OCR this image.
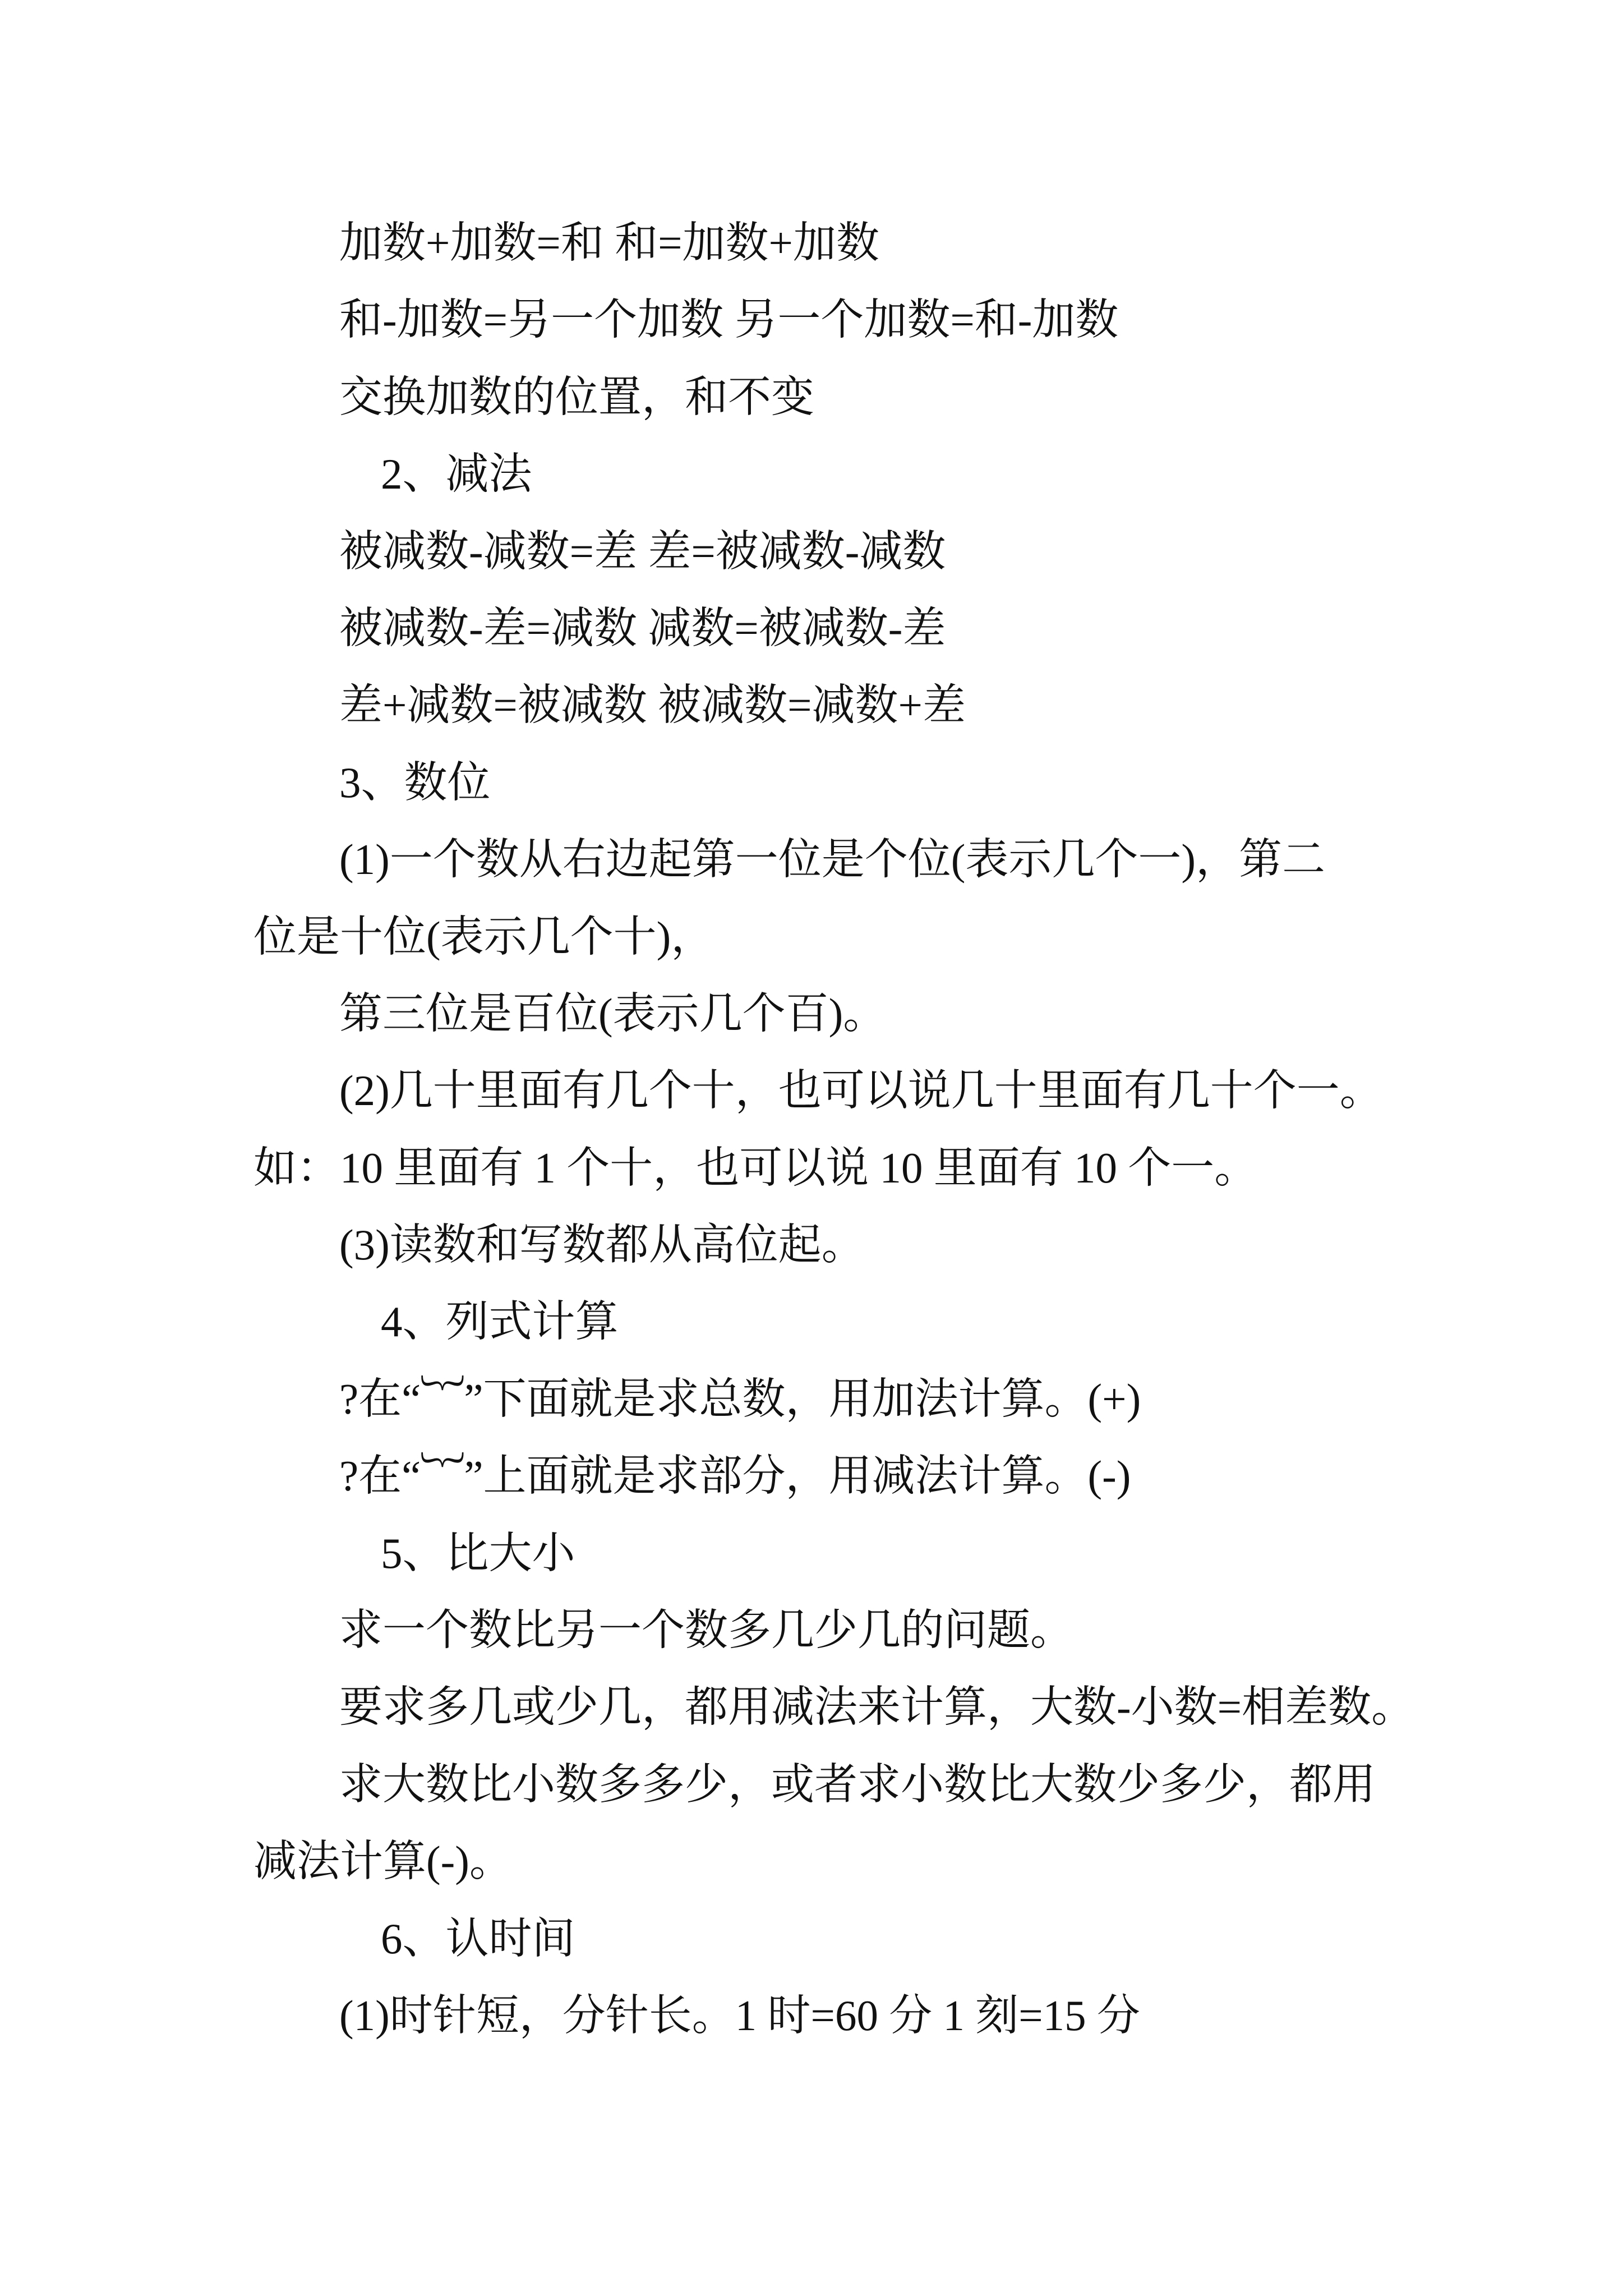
加数+加数=和 和=加数+加数
和-加数=另一个加数 另一个加数=和-加数
交换加数的位置，和不变
2、减法
被减数-减数=差 差=被减数-减数
被减数-差=减数 减数=被减数-差
差+减数=被减数 被减数=减数+差
3、数位
(1)一个数从右边起第一位是个位(表示几个一)，第二
位是十位(表示几个十)，
第三位是百位(表示几个百)。
(2)几十里面有几个十，也可以说几十里面有几十个一。
如：10 里面有 1 个十，也可以说 10 里面有 10 个一。
(3)读数和写数都从高位起。
4、列式计算
?在“︸”下面就是求总数，用加法计算。(+)
?在“︸”上面就是求部分，用减法计算。(-)
5、比大小
求一个数比另一个数多几少几的问题。
要求多几或少几，都用减法来计算，大数-小数=相差数。
求大数比小数多多少，或者求小数比大数少多少，都用
减法计算(-)。
6、认时间
(1)时针短，分针长。1 时=60 分 1 刻=15 分
